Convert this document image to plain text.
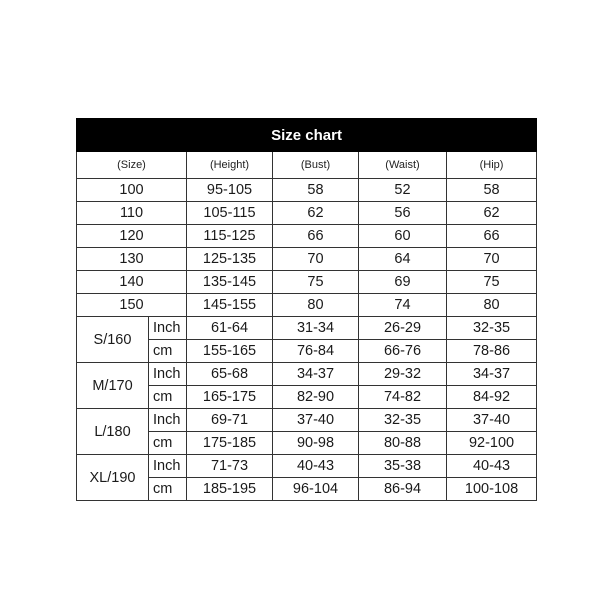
Size chart					
(Size)		(Height)	(Bust)	(Waist)	(Hip)
100		95-105	58	52	58
110		105-115	62	56	62
120		115-125	66	60	66
130		125-135	70	64	70
140		135-145	75	69	75
150		145-155	80	74	80
S/160	Inch	61-64	31-34	26-29	32-35
	cm	155-165	76-84	66-76	78-86
M/170	Inch	65-68	34-37	29-32	34-37
	cm	165-175	82-90	74-82	84-92
L/180	Inch	69-71	37-40	32-35	37-40
	cm	175-185	90-98	80-88	92-100
XL/190	Inch	71-73	40-43	35-38	40-43
	cm	185-195	96-104	86-94	100-108
